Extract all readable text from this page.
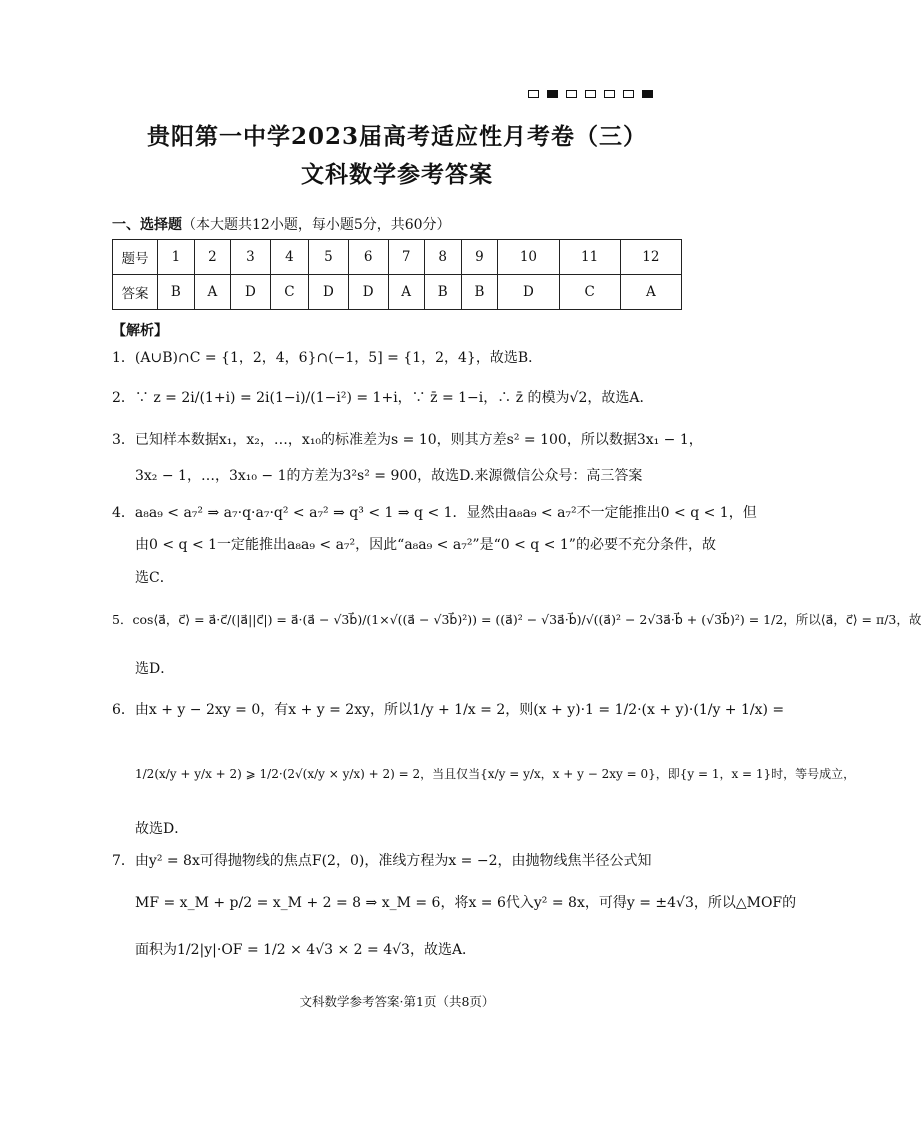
贵阳第一中学2023届高考适应性月考卷（三）
文科数学参考答案
一、选择题（本大题共12小题，每小题5分，共60分）
题号	1	2	3	4	5	6	7	8	9	10	11	12
答案	B	A	D	C	D	D	A	B	B	D	C	A
【解析】
1．(A∪B)∩C = {1，2，4，6}∩(−1，5] = {1，2，4}，故选B．
2．∵ z = 2i/(1+i) = 2i(1−i)/(1−i²) = 1+i，∵ z̄ = 1−i，∴ z̄ 的模为√2，故选A．
3．已知样本数据x₁，x₂，…，x₁₀的标准差为s = 10，则其方差s² = 100，所以数据3x₁ − 1，
3x₂ − 1，…，3x₁₀ − 1的方差为3²s² = 900，故选D.来源微信公众号：高三答案
4．a₈a₉ < a₇² ⇒ a₇·q·a₇·q² < a₇² ⇒ q³ < 1 ⇒ q < 1．显然由a₈a₉ < a₇²不一定能推出0 < q < 1，但
由0 < q < 1一定能推出a₈a₉ < a₇²，因此“a₈a₉ < a₇²”是“0 < q < 1”的必要不充分条件，故
选C．
5．cos⟨a⃗，c⃗⟩ = a⃗·c⃗/(|a⃗||c⃗|) = a⃗·(a⃗ − √3b⃗)/(1×√((a⃗ − √3b⃗)²)) = ((a⃗)² − √3a⃗·b⃗)/√((a⃗)² − 2√3a⃗·b⃗ + (√3b⃗)²) = 1/2，所以⟨a⃗，c⃗⟩ = π/3，故
选D．
6．由x + y − 2xy = 0，有x + y = 2xy，所以1/y + 1/x = 2，则(x + y)·1 = 1/2·(x + y)·(1/y + 1/x) =
1/2(x/y + y/x + 2) ⩾ 1/2·(2√(x/y × y/x) + 2) = 2，当且仅当{x/y = y/x，x + y − 2xy = 0}，即{y = 1，x = 1}时，等号成立，
故选D．
7．由y² = 8x可得抛物线的焦点F(2，0)，准线方程为x = −2，由抛物线焦半径公式知
MF = x_M + p/2 = x_M + 2 = 8 ⇒ x_M = 6，将x = 6代入y² = 8x，可得y = ±4√3，所以△MOF的
面积为1/2|y|·OF = 1/2 × 4√3 × 2 = 4√3，故选A．
文科数学参考答案·第1页（共8页）
